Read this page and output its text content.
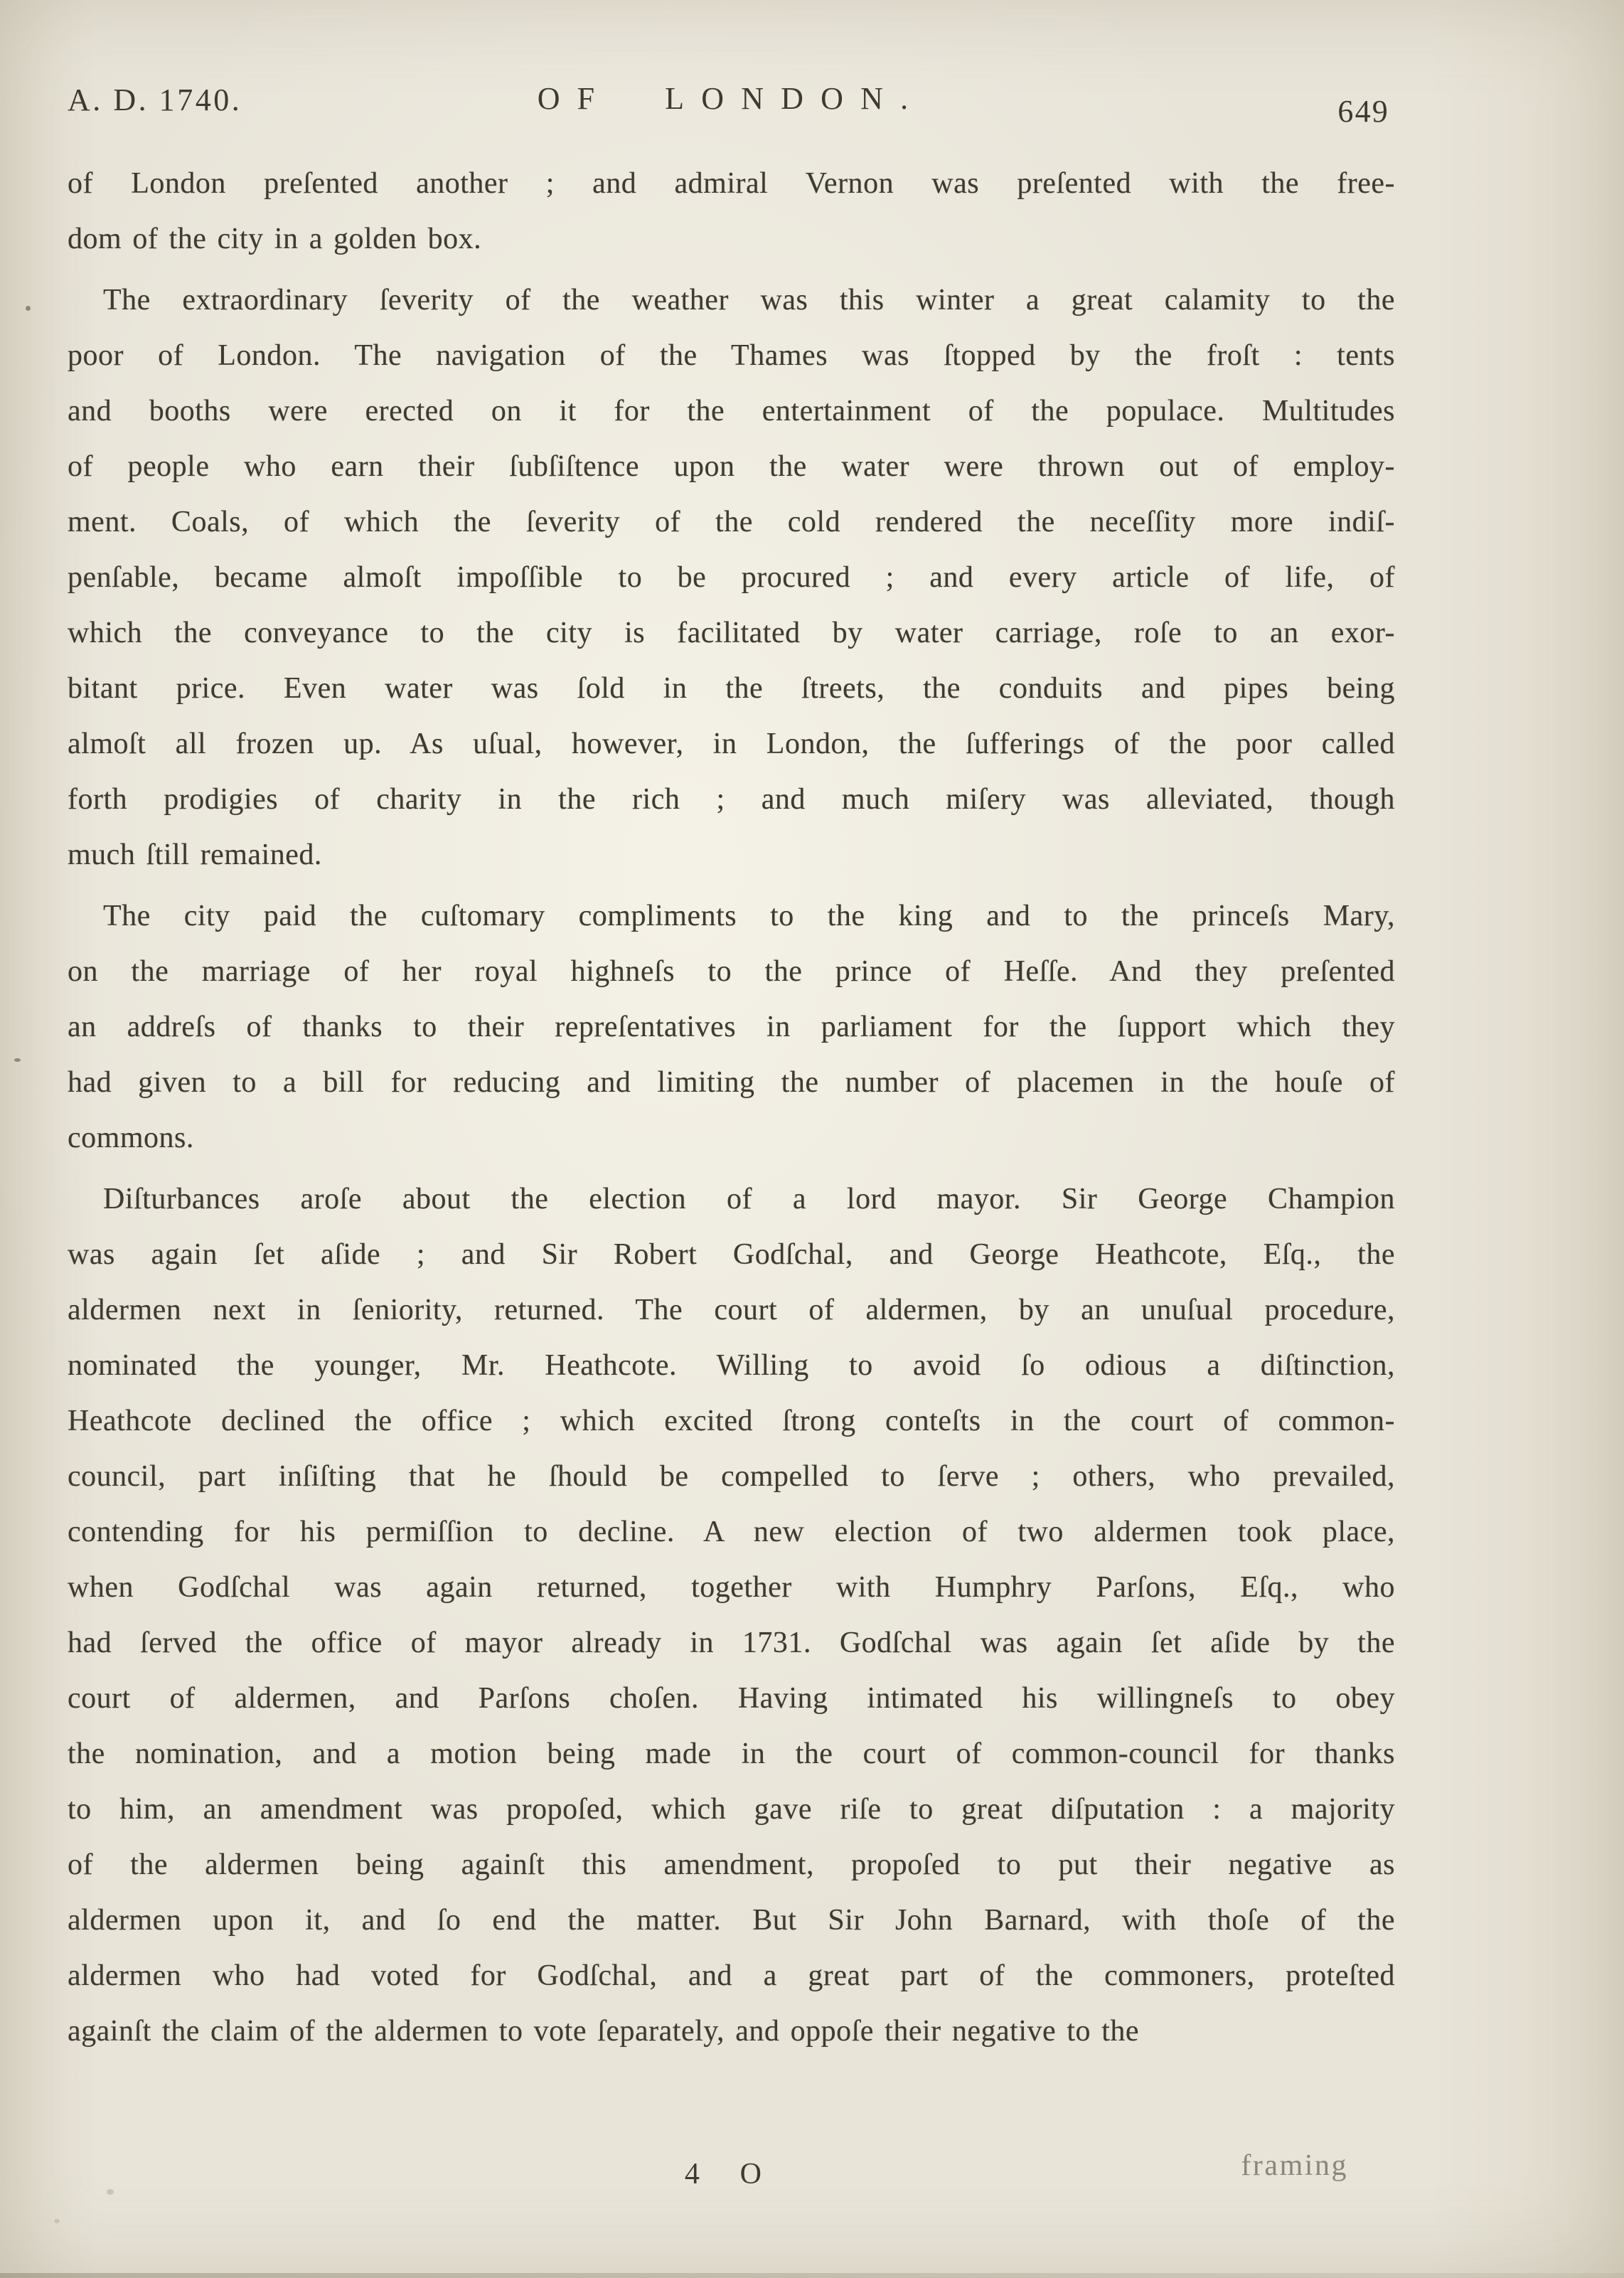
A. D. 1740.	OF LONDON.	649
of London preſented another ; and admiral Vernon was preſented with the free-
dom of the city in a golden box.
The extraordinary ſeverity of the weather was this winter a great calamity to the
poor of London. The navigation of the Thames was ſtopped by the froſt : tents
and booths were erected on it for the entertainment of the populace. Multitudes
of people who earn their ſubſiſtence upon the water were thrown out of employ-
ment. Coals, of which the ſeverity of the cold rendered the neceſſity more indiſ-
penſable, became almoſt impoſſible to be procured ; and every article of life, of
which the conveyance to the city is facilitated by water carriage, roſe to an exor-
bitant price. Even water was ſold in the ſtreets, the conduits and pipes being
almoſt all frozen up. As uſual, however, in London, the ſufferings of the poor called
forth prodigies of charity in the rich ; and much miſery was alleviated, though
much ſtill remained.
The city paid the cuſtomary compliments to the king and to the princeſs Mary,
on the marriage of her royal highneſs to the prince of Heſſe. And they preſented
an addreſs of thanks to their repreſentatives in parliament for the ſupport which they
had given to a bill for reducing and limiting the number of placemen in the houſe of
commons.
Diſturbances aroſe about the election of a lord mayor. Sir George Champion
was again ſet aſide ; and Sir Robert Godſchal, and George Heathcote, Eſq., the
aldermen next in ſeniority, returned. The court of aldermen, by an unuſual procedure,
nominated the younger, Mr. Heathcote. Willing to avoid ſo odious a diſtinction,
Heathcote declined the office ; which excited ſtrong conteſts in the court of common-
council, part inſiſting that he ſhould be compelled to ſerve ; others, who prevailed,
contending for his permiſſion to decline. A new election of two aldermen took place,
when Godſchal was again returned, together with Humphry Parſons, Eſq., who
had ſerved the office of mayor already in 1731. Godſchal was again ſet aſide by the
court of aldermen, and Parſons choſen. Having intimated his willingneſs to obey
the nomination, and a motion being made in the court of common-council for thanks
to him, an amendment was propoſed, which gave riſe to great diſputation : a majority
of the aldermen being againſt this amendment, propoſed to put their negative as
aldermen upon it, and ſo end the matter. But Sir John Barnard, with thoſe of the
aldermen who had voted for Godſchal, and a great part of the commoners, proteſted
againſt the claim of the aldermen to vote ſeparately, and oppoſe their negative to the
4 O	framing
